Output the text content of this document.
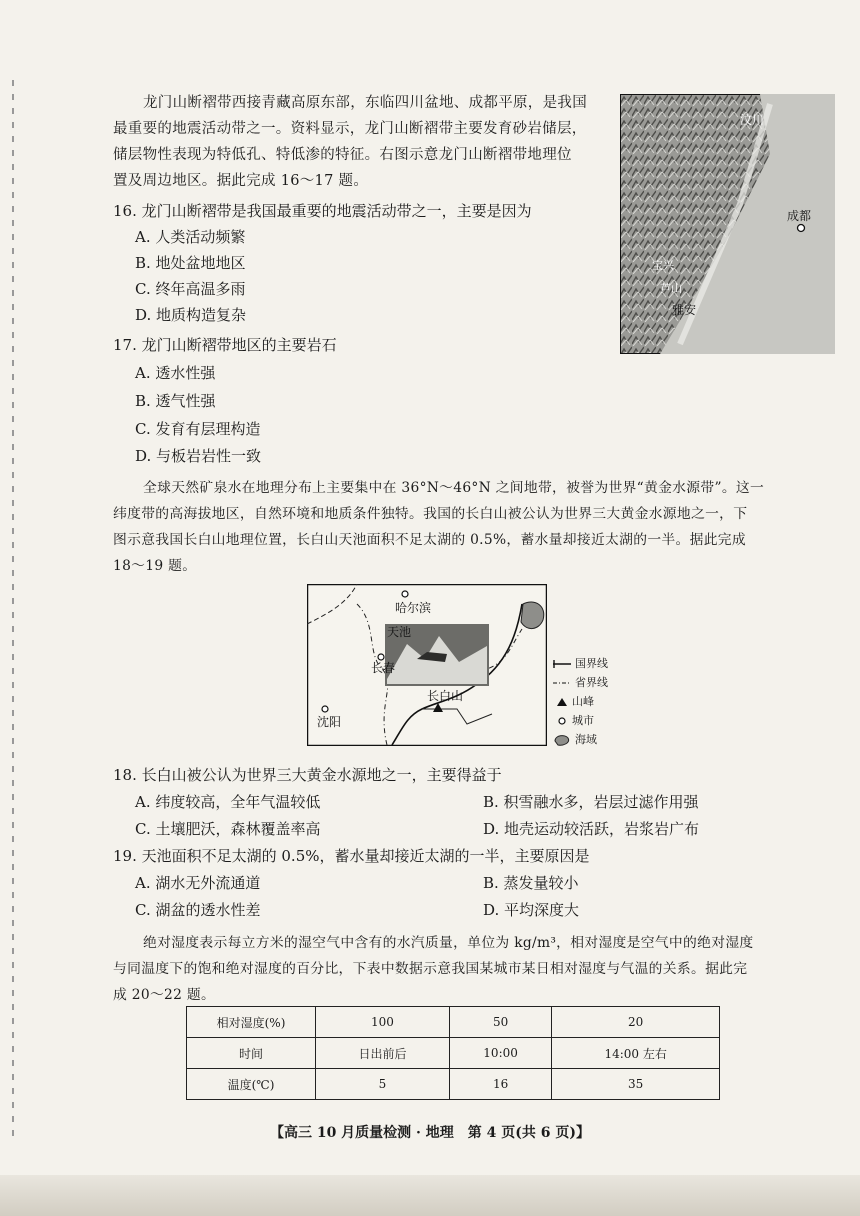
龙门山断褶带西接青藏高原东部，东临四川盆地、成都平原，是我国

最重要的地震活动带之一。资料显示，龙门山断褶带主要发育砂岩储层，

储层物性表现为特低孔、特低渗的特征。右图示意龙门山断褶带地理位

置及周边地区。据此完成 16～17 题。

汶川
成都
宝兴
芦山
雅安

16. 龙门山断褶带是我国最重要的地震活动带之一，主要是因为

A. 人类活动频繁

B. 地处盆地地区

C. 终年高温多雨

D. 地质构造复杂

17. 龙门山断褶带地区的主要岩石

A. 透水性强

B. 透气性强

C. 发育有层理构造

D. 与板岩岩性一致

全球天然矿泉水在地理分布上主要集中在 36°N～46°N 之间地带，被誉为世界“黄金水源带”。这一

纬度带的高海拔地区，自然环境和地质条件独特。我国的长白山被公认为世界三大黄金水源地之一，下

图示意我国长白山地理位置，长白山天池面积不足太湖的 0.5%，蓄水量却接近太湖的一半。据此完成

18～19 题。

哈尔滨
天池
长春
长白山
沈阳
国界线
省界线
山峰
城市
海域

18. 长白山被公认为世界三大黄金水源地之一，主要得益于

A. 纬度较高，全年气温较低	B. 积雪融水多，岩层过滤作用强

C. 土壤肥沃，森林覆盖率高	D. 地壳运动较活跃，岩浆岩广布

19. 天池面积不足太湖的 0.5%，蓄水量却接近太湖的一半，主要原因是

A. 湖水无外流通道	B. 蒸发量较小

C. 湖盆的透水性差	D. 平均深度大

绝对湿度表示每立方米的湿空气中含有的水汽质量，单位为 kg/m³，相对湿度是空气中的绝对湿度

与同温度下的饱和绝对湿度的百分比，下表中数据示意我国某城市某日相对湿度与气温的关系。据此完

成 20～22 题。

相对湿度(%)	100	50	20
时间	日出前后	10:00	14:00 左右
温度(℃)	5	16	35
【高三 10 月质量检测 · 地理　第 4 页(共 6 页)】
